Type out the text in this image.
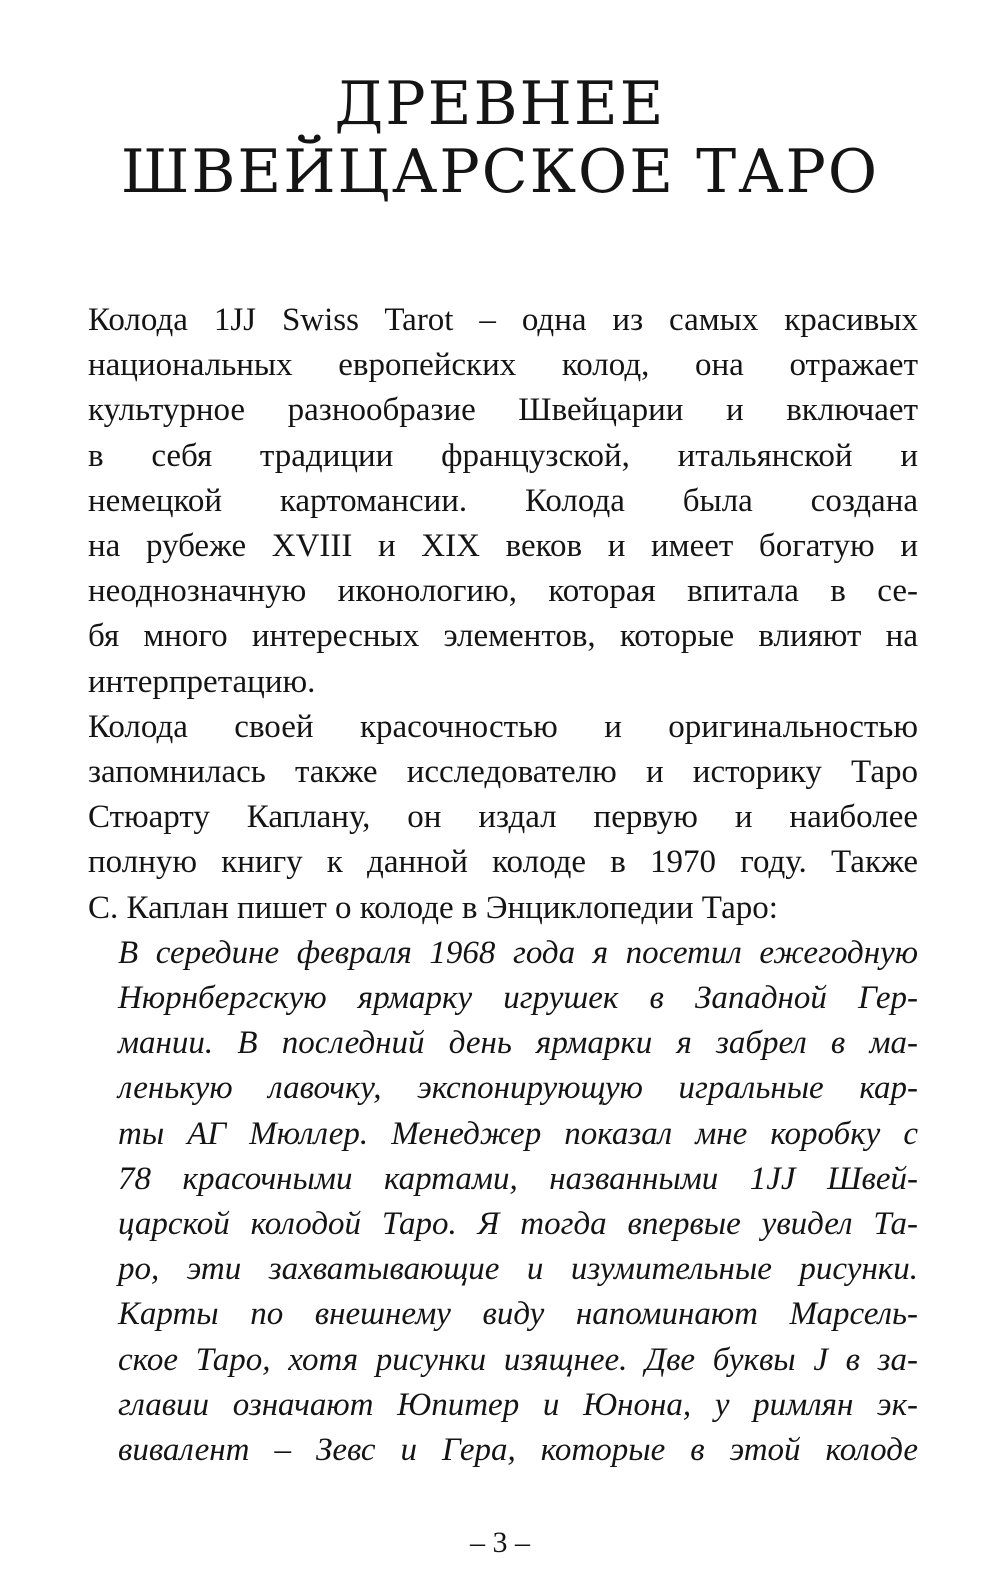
ДРЕВНЕЕ
ШВЕЙЦАРСКОЕ ТАРО

Колода 1JJ Swiss Tarot – одна из самых красивых
национальных европейских колод, она отражает
культурное разнообразие Швейцарии и включает
в себя традиции французской, итальянской и
немецкой картомансии. Колода была создана
на рубеже XVIII и XIX веков и имеет богатую и
неоднозначную иконологию, которая впитала в се-
бя много интересных элементов, которые влияют на
интерпретацию.

Колода своей красочностью и оригинальностью
запомнилась также исследователю и историку Таро
Стюарту Каплану, он издал первую и наиболее
полную книгу к данной колоде в 1970 году. Также
С. Каплан пишет о колоде в Энциклопедии Таро:

В середине февраля 1968 года я посетил ежегодную
Нюрнбергскую ярмарку игрушек в Западной Гер-
мании. В последний день ярмарки я забрел в ма-
ленькую лавочку, экспонирующую игральные кар-
ты АГ Мюллер. Менеджер показал мне коробку с
78 красочными картами, названными 1JJ Швей-
царской колодой Таро. Я тогда впервые увидел Та-
ро, эти захватывающие и изумительные рисунки.
Карты по внешнему виду напоминают Марсель-
ское Таро, хотя рисунки изящнее. Две буквы J в за-
главии означают Юпитер и Юнона, у римлян эк-
вивалент – Зевс и Гера, которые в этой колоде

– 3 –
